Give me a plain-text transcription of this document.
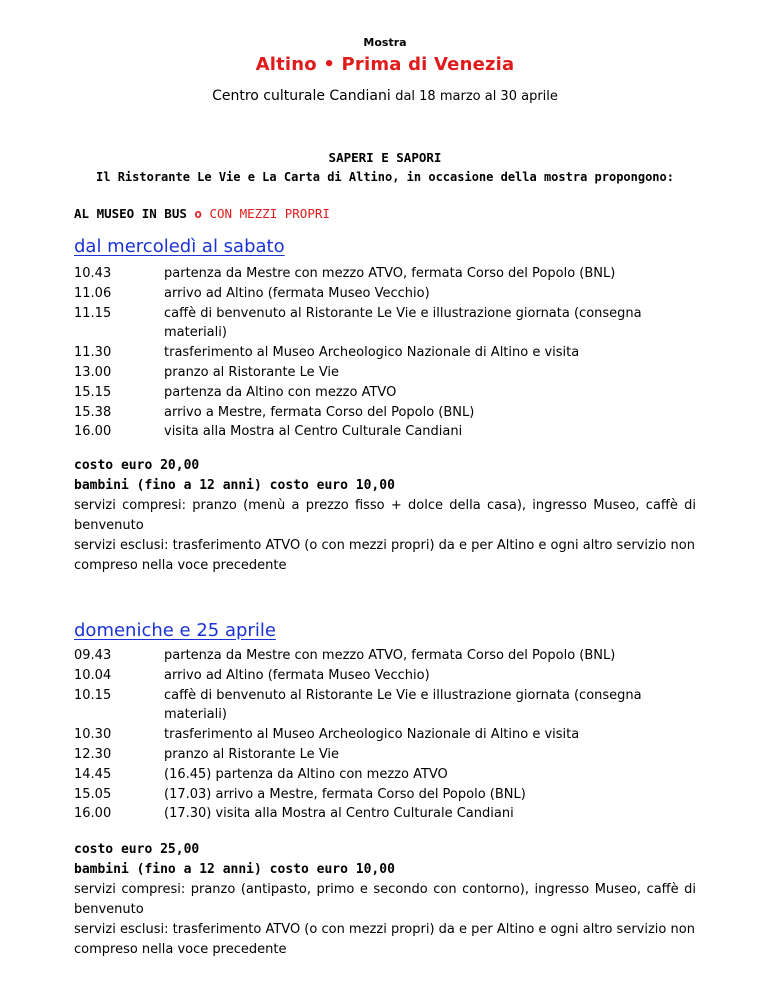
Mostra
Altino • Prima di Venezia
Centro culturale Candiani dal 18 marzo al 30 aprile
SAPERI E SAPORI
Il Ristorante Le Vie e La Carta di Altino, in occasione della mostra propongono:
AL MUSEO IN BUS o CON MEZZI PROPRI
dal mercoledì al sabato
10.43	partenza da Mestre con mezzo ATVO, fermata Corso del Popolo (BNL)
11.06	arrivo ad Altino (fermata Museo Vecchio)
11.15	caffè di benvenuto al Ristorante Le Vie e illustrazione giornata (consegna materiali)
11.30	trasferimento al Museo Archeologico Nazionale di Altino e visita
13.00	pranzo al Ristorante Le Vie
15.15	partenza da Altino con mezzo ATVO
15.38	arrivo a Mestre, fermata Corso del Popolo (BNL)
16.00	visita alla Mostra al Centro Culturale Candiani
costo euro 20,00
bambini (fino a 12 anni) costo euro 10,00
servizi compresi: pranzo (menù a prezzo fisso + dolce della casa), ingresso Museo, caffè di benvenuto
servizi esclusi: trasferimento ATVO (o con mezzi propri) da e per Altino e ogni altro servizio non compreso nella voce precedente
domeniche e 25 aprile
09.43	partenza da Mestre con mezzo ATVO, fermata Corso del Popolo (BNL)
10.04	arrivo ad Altino (fermata Museo Vecchio)
10.15	caffè di benvenuto al Ristorante Le Vie e illustrazione giornata (consegna materiali)
10.30	trasferimento al Museo Archeologico Nazionale di Altino e visita
12.30	pranzo al Ristorante Le Vie
14.45	(16.45) partenza da Altino con mezzo ATVO
15.05	(17.03) arrivo a Mestre, fermata Corso del Popolo (BNL)
16.00	(17.30) visita alla Mostra al Centro Culturale Candiani
costo euro 25,00
bambini (fino a 12 anni) costo euro 10,00
servizi compresi: pranzo (antipasto, primo e secondo con contorno), ingresso Museo, caffè di benvenuto
servizi esclusi: trasferimento ATVO (o con mezzi propri) da e per Altino e ogni altro servizio non compreso nella voce precedente
